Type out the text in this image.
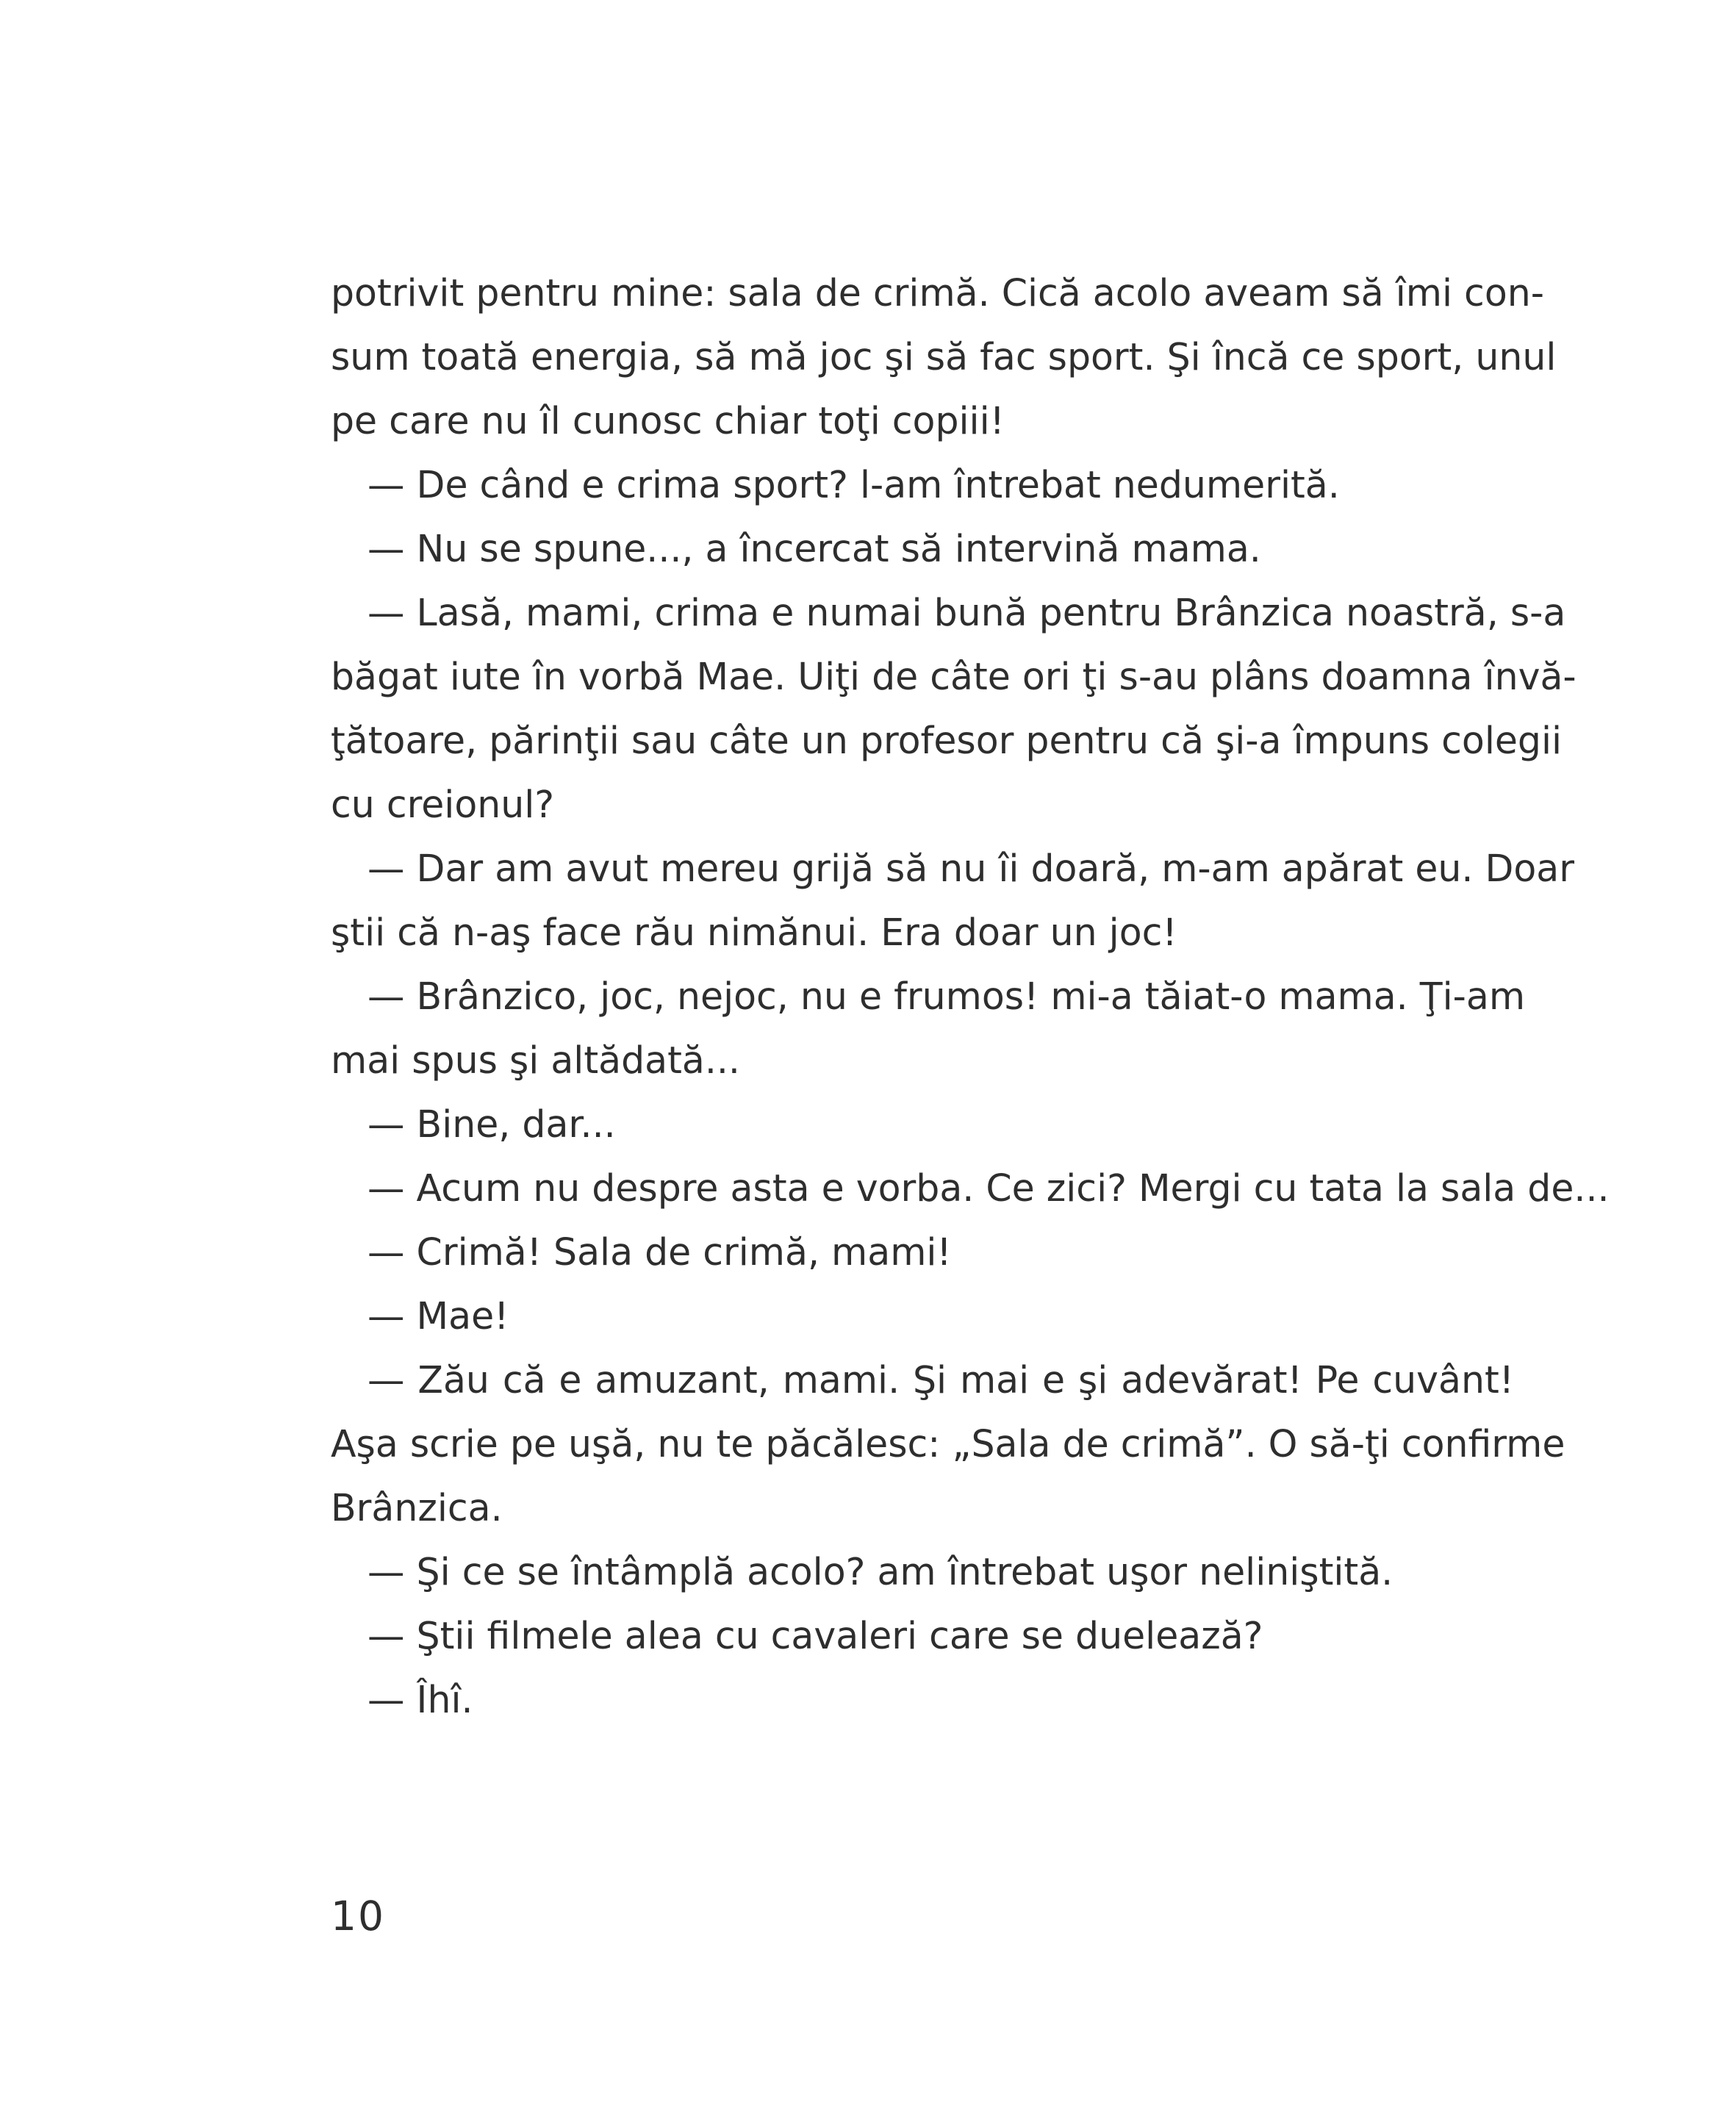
potrivit pentru mine: sala de crimă. Cică acolo aveam să îmi con-
sum toată energia, să mă joc şi să fac sport. Şi încă ce sport, unul
pe care nu îl cunosc chiar toţi copiii!
— De când e crima sport? l-am întrebat nedumerită.
— Nu se spune..., a încercat să intervină mama.
— Lasă, mami, crima e numai bună pentru Brânzica noastră, s-a
băgat iute în vorbă Mae. Uiţi de câte ori ţi s-au plâns doamna învă-
ţătoare, părinţii sau câte un profesor pentru că şi-a împuns colegii
cu creionul?
— Dar am avut mereu grijă să nu îi doară, m-am apărat eu. Doar
ştii că n-aş face rău nimănui. Era doar un joc!
— Brânzico, joc, nejoc, nu e frumos! mi-a tăiat-o mama. Ţi-am
mai spus şi altădată...
— Bine, dar...
— Acum nu despre asta e vorba. Ce zici? Mergi cu tata la sala de...
— Crimă! Sala de crimă, mami!
— Mae!
— Zău că e amuzant, mami. Şi mai e şi adevărat! Pe cuvânt!
Aşa scrie pe uşă, nu te păcălesc: „Sala de crimă”. O să-ţi confirme
Brânzica.
— Şi ce se întâmplă acolo? am întrebat uşor neliniştită.
— Ştii filmele alea cu cavaleri care se duelează?
— Îhî.
10
